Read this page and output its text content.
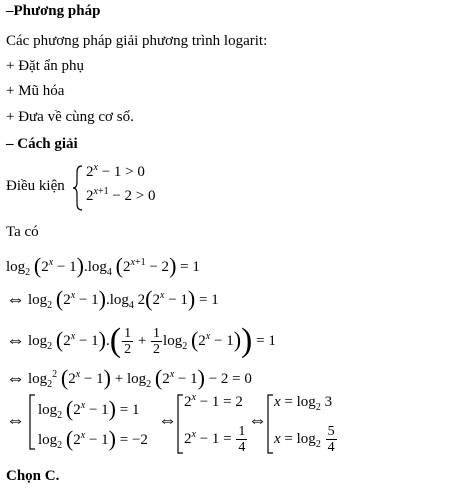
–Phương pháp
Các phương pháp giải phương trình logarit:
+ Đặt ẩn phụ
+ Mũ hóa
+ Đưa về cùng cơ số.
– Cách giải
Điều kiện
$2^x - 1 > 0$
$2^{x+1} - 2 > 0$
Ta có
$\log_2 (2^x - 1).\log_4$ $(2^{x+1} - 2) = 1$
⇔ $\log_2 (2^x - 1).\log_4$ $2(2^x - 1) = 1$
⇔ $\log_2 (2^x - 1).( \frac{1}{2} + \frac{1}{2} \log_2 (2^x - 1)) = 1$
⇔ $\log_2^2 (2^x - 1) + \log_2 (2^x - 1) - 2 = 0$
⇔ $\log_2 (2^x - 1) = 1$
$\log_2 (2^x - 1) = -2$
⇔
$2^x - 1 = 2$
$2^x - 1 = \frac{1}{4}$
⇔
$x = \log_2 3$
$x = \log_2 \frac{5}{4}$
Chọn C.
